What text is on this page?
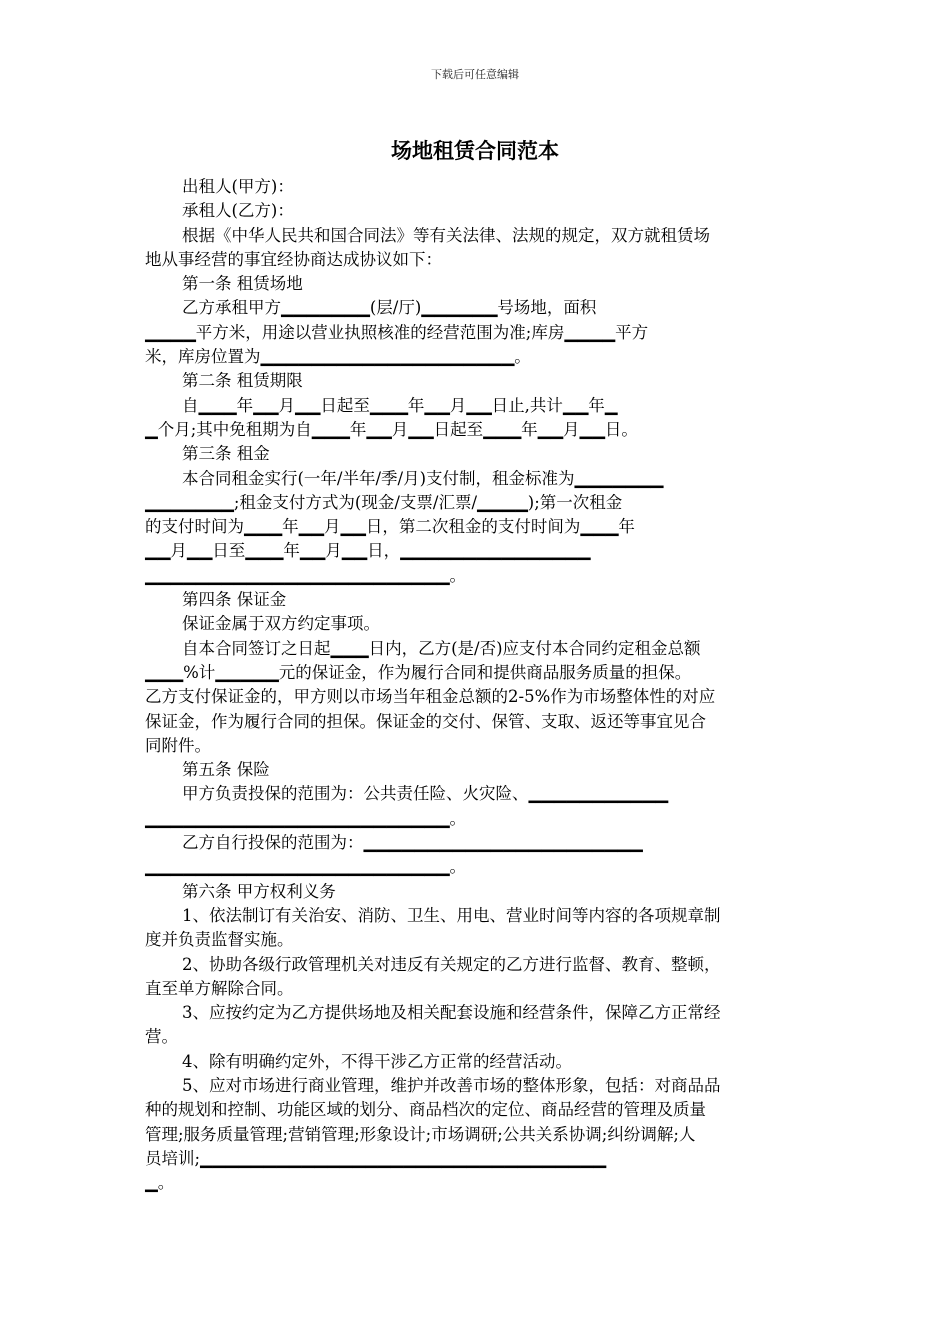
下载后可任意编辑
场地租赁合同范本

出租人(甲方)：

承租人(乙方)：

根据《中华人民共和国合同法》等有关法律、法规的规定，双方就租赁场

地从事经营的事宜经协商达成协议如下：

第一条 租赁场地

乙方承租甲方▁▁▁▁▁▁▁(层/厅)▁▁▁▁▁▁号场地，面积

▁▁▁▁平方米，用途以营业执照核准的经营范围为准;库房▁▁▁▁平方

米，库房位置为▁▁▁▁▁▁▁▁▁▁▁▁▁▁▁▁▁▁▁▁。

第二条 租赁期限

自▁▁▁年▁▁月▁▁日起至▁▁▁年▁▁月▁▁日止,共计▁▁年▁

▁个月;其中免租期为自▁▁▁年▁▁月▁▁日起至▁▁▁年▁▁月▁▁日。

第三条 租金

本合同租金实行(一年/半年/季/月)支付制，租金标准为▁▁▁▁▁▁▁

▁▁▁▁▁▁▁;租金支付方式为(现金/支票/汇票/▁▁▁▁);第一次租金

的支付时间为▁▁▁年▁▁月▁▁日，第二次租金的支付时间为▁▁▁年

▁▁月▁▁日至▁▁▁年▁▁月▁▁日，▁▁▁▁▁▁▁▁▁▁▁▁▁▁▁

▁▁▁▁▁▁▁▁▁▁▁▁▁▁▁▁▁▁▁▁▁▁▁▁。

第四条 保证金

保证金属于双方约定事项。

自本合同签订之日起▁▁▁日内，乙方(是/否)应支付本合同约定租金总额

▁▁▁%计▁▁▁▁▁元的保证金，作为履行合同和提供商品服务质量的担保。

乙方支付保证金的，甲方则以市场当年租金总额的2-5%作为市场整体性的对应

保证金，作为履行合同的担保。保证金的交付、保管、支取、返还等事宜见合

同附件。

第五条 保险

甲方负责投保的范围为：公共责任险、火灾险、▁▁▁▁▁▁▁▁▁▁▁

▁▁▁▁▁▁▁▁▁▁▁▁▁▁▁▁▁▁▁▁▁▁▁▁。

乙方自行投保的范围为：▁▁▁▁▁▁▁▁▁▁▁▁▁▁▁▁▁▁▁▁▁▁

▁▁▁▁▁▁▁▁▁▁▁▁▁▁▁▁▁▁▁▁▁▁▁▁。

第六条 甲方权利义务

1、依法制订有关治安、消防、卫生、用电、营业时间等内容的各项规章制

度并负责监督实施。

2、协助各级行政管理机关对违反有关规定的乙方进行监督、教育、整顿，

直至单方解除合同。

3、应按约定为乙方提供场地及相关配套设施和经营条件，保障乙方正常经

营。

4、除有明确约定外，不得干涉乙方正常的经营活动。

5、应对市场进行商业管理，维护并改善市场的整体形象，包括：对商品品

种的规划和控制、功能区域的划分、商品档次的定位、商品经营的管理及质量

管理;服务质量管理;营销管理;形象设计;市场调研;公共关系协调;纠纷调解;人

员培训;▁▁▁▁▁▁▁▁▁▁▁▁▁▁▁▁▁▁▁▁▁▁▁▁▁▁▁▁▁▁▁▁

▁。
